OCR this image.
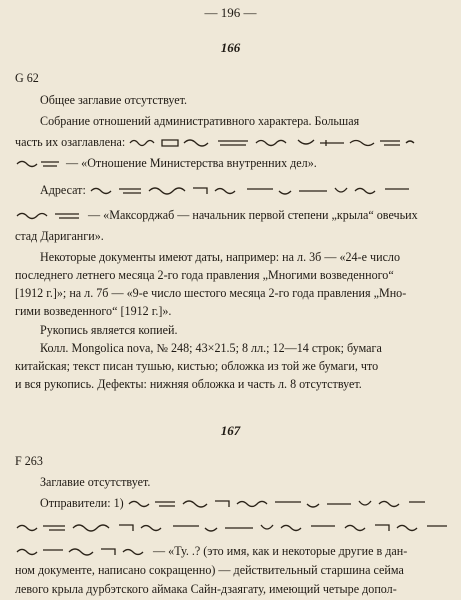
— 196 —
166
G 62
Общее заглавие отсутствует.
Собрание отношений административного характера. Большая
часть их озаглавлена:
— «Отношение Министерства внутренних дел».
Адресат:
— «Максорджаб — начальник первой степени „крыла“ овечьих
стад Дариганги».
Некоторые документы имеют даты, например: на л. 3б — «24-е число
последнего летнего месяца 2-го года правления „Многими возведенного“
[1912 г.]»; на л. 7б — «9-е число шестого месяца 2-го года правления „Мно-
гими возведенного“ [1912 г.]».
Рукопись является копией.
Колл. Mongolica nova, № 248; 43×21.5; 8 лл.; 12—14 строк; бумага
китайская; текст писан тушью, кистью; обложка из той же бумаги, что
и вся рукопись. Дефекты: нижняя обложка и часть л. 8 отсутствует.
167
F 263
Заглавие отсутствует.
Отправители: 1)
— «Ту. .? (это имя, как и некоторые другие в дан-
ном документе, написано сокращенно) — действительный старшина сейма
левого крыла дурбэтского аймака Сайн-дзаягату, имеющий четыре допол-
